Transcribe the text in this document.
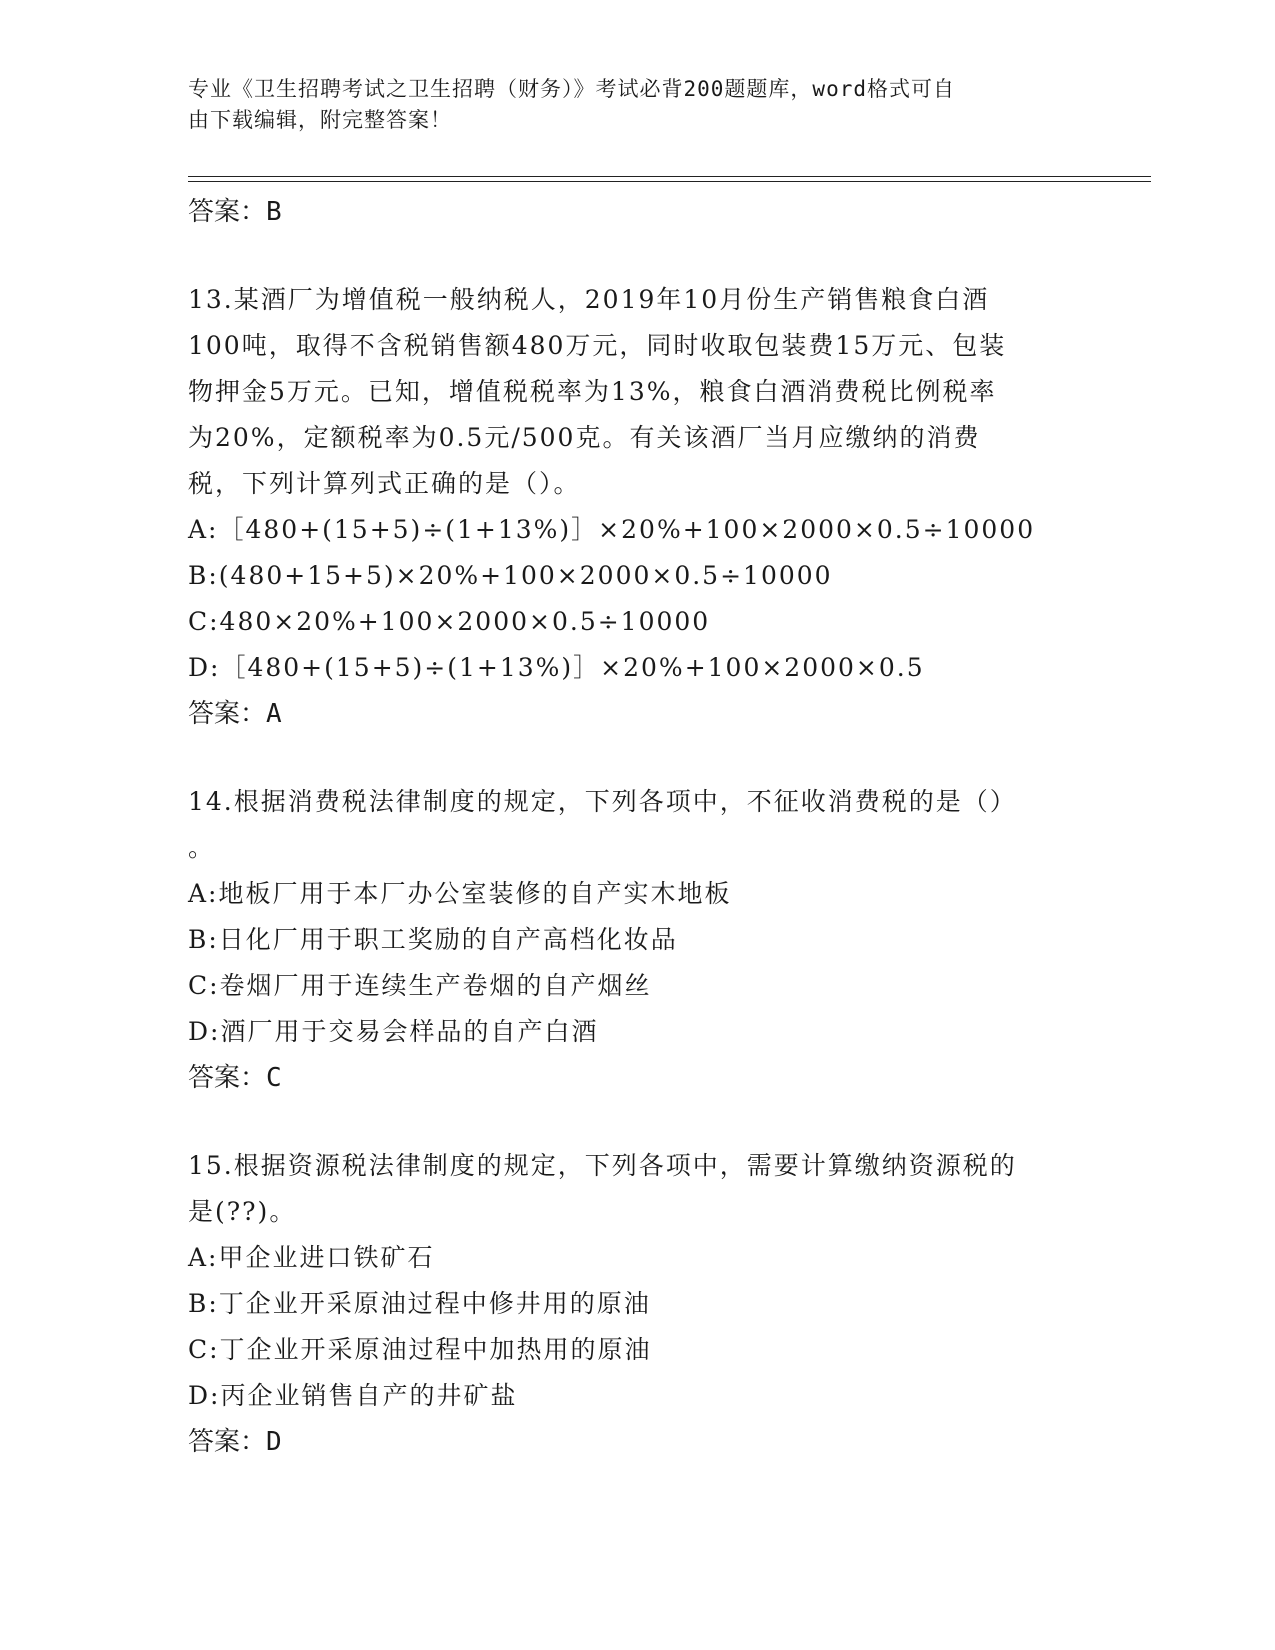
专业《卫生招聘考试之卫生招聘（财务）》考试必背200题题库，word格式可自
由下载编辑，附完整答案！
答案：B
13.某酒厂为增值税一般纳税人，2019年10月份生产销售粮食白酒
100吨，取得不含税销售额480万元，同时收取包装费15万元、包装
物押金5万元。已知，增值税税率为13%，粮食白酒消费税比例税率
为20%，定额税率为0.5元/500克。有关该酒厂当月应缴纳的消费
税，下列计算列式正确的是（）。
A:［480+(15+5)÷(1+13%)］×20%+100×2000×0.5÷10000
B:(480+15+5)×20%+100×2000×0.5÷10000
C:480×20%+100×2000×0.5÷10000
D:［480+(15+5)÷(1+13%)］×20%+100×2000×0.5
答案：A
14.根据消费税法律制度的规定，下列各项中，不征收消费税的是（）
。
A:地板厂用于本厂办公室装修的自产实木地板
B:日化厂用于职工奖励的自产高档化妆品
C:卷烟厂用于连续生产卷烟的自产烟丝
D:酒厂用于交易会样品的自产白酒
答案：C
15.根据资源税法律制度的规定，下列各项中，需要计算缴纳资源税的
是(??)。
A:甲企业进口铁矿石
B:丁企业开采原油过程中修井用的原油
C:丁企业开采原油过程中加热用的原油
D:丙企业销售自产的井矿盐
答案：D
